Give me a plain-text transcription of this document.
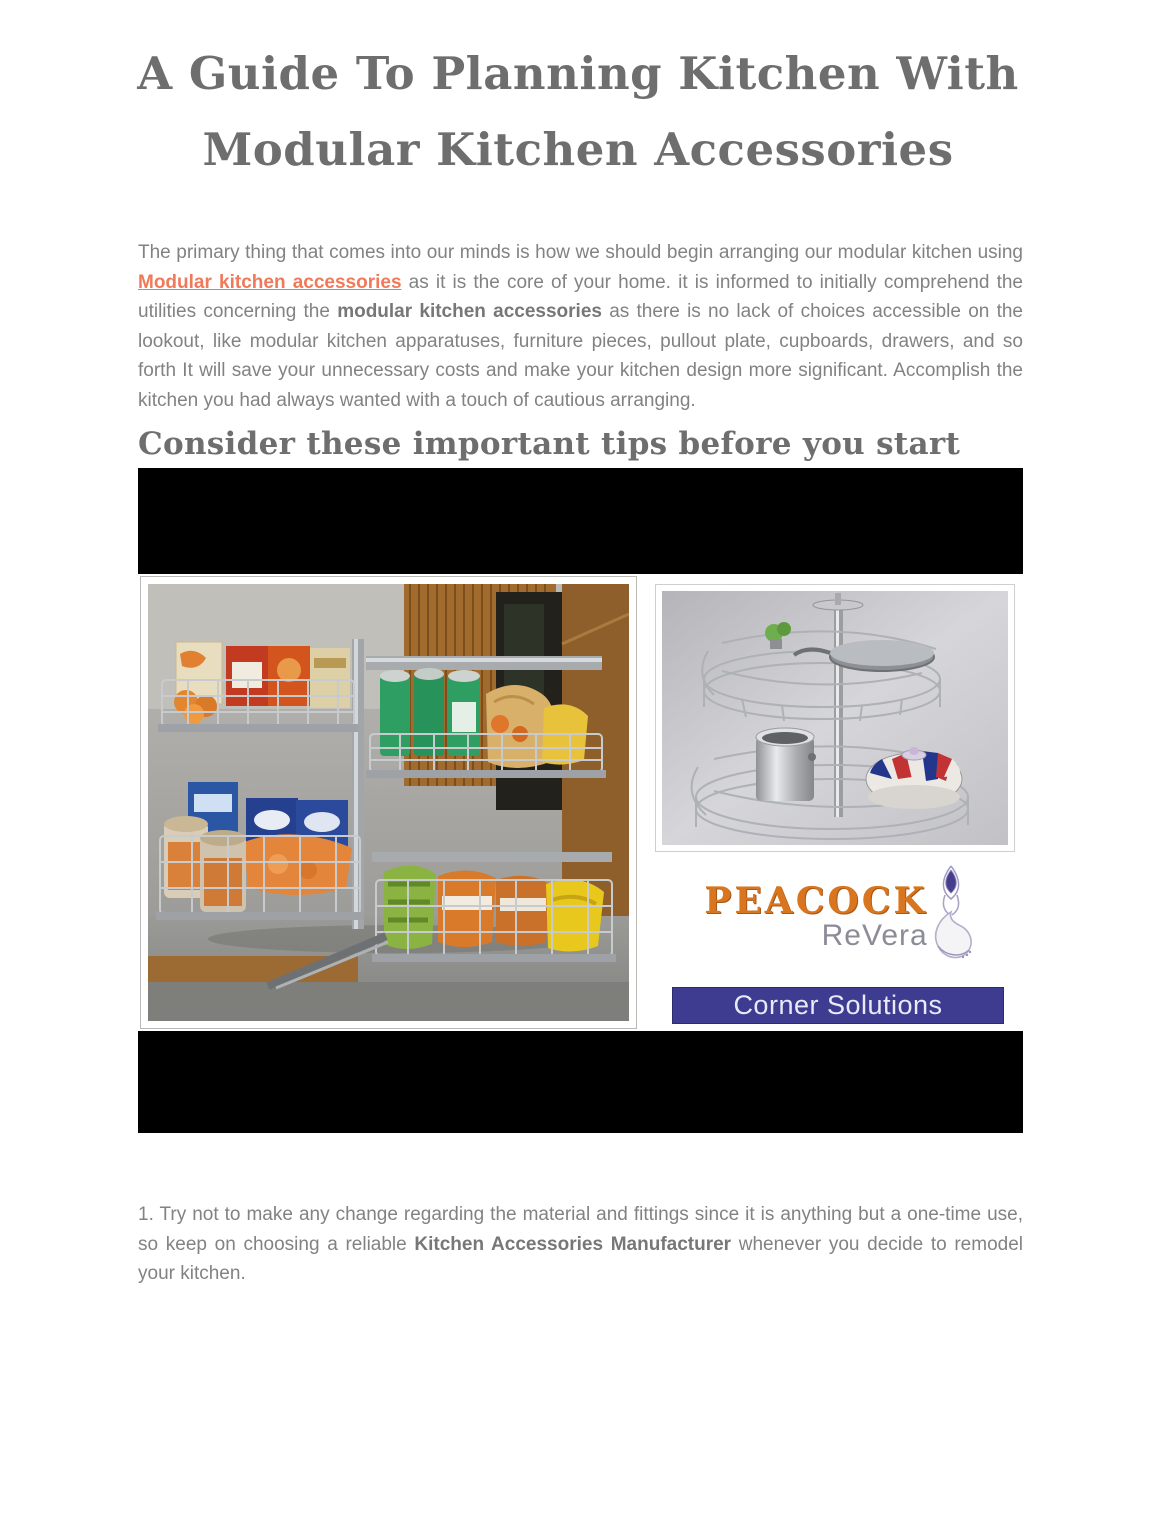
A Guide To Planning Kitchen With Modular Kitchen Accessories

The primary thing that comes into our minds is how we should begin arranging our modular kitchen using Modular kitchen accessories as it is the core of your home. it is informed to initially comprehend the utilities concerning the modular kitchen accessories as there is no lack of choices accessible on the lookout, like modular kitchen apparatuses, furniture pieces, pullout plate, cupboards, drawers, and so forth It will save your unnecessary costs and make your kitchen design more significant. Accomplish the kitchen you had always wanted with a touch of cautious arranging.

Consider these important tips before you start
PEACOCK
ReVera
Corner Solutions

1. Try not to make any change regarding the material and fittings since it is anything but a one-time use, so keep on choosing a reliable Kitchen Accessories Manufacturer whenever you decide to remodel your kitchen.
